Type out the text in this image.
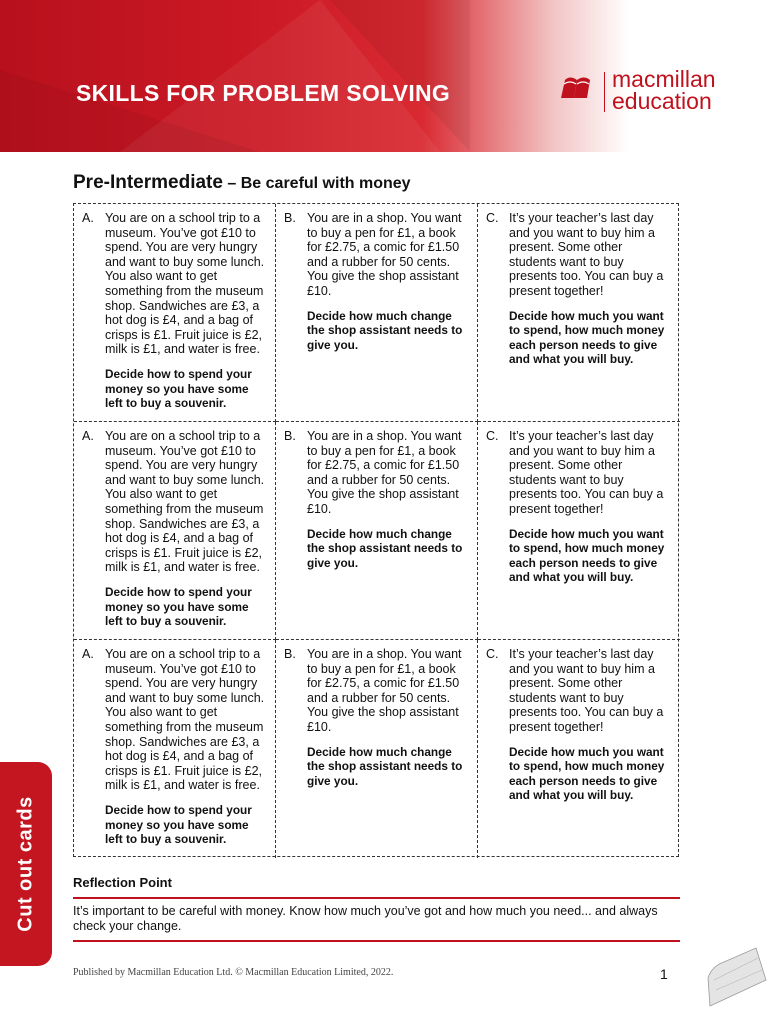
SKILLS FOR PROBLEM SOLVING
macmillan
education
Pre-Intermediate – Be careful with money
A. You are on a school trip to a museum. You’ve got £10 to spend. You are very hungry and want to buy some lunch. You also want to get something from the museum shop. Sandwiches are £3, a hot dog is £4, and a bag of crisps is £1. Fruit juice is £2, milk is £1, and water is free.

Decide how to spend your money so you have some left to buy a souvenir.

B. You are in a shop. You want to buy a pen for £1, a book for £2.75, a comic for £1.50 and a rubber for 50 cents. You give the shop assistant £10.

Decide how much change the shop assistant needs to give you.

C. It’s your teacher’s last day and you want to buy him a present. Some other students want to buy presents too. You can buy a present together!

Decide how much you want to spend, how much money each person needs to give and what you will buy.

A. You are on a school trip to a museum. You’ve got £10 to spend. You are very hungry and want to buy some lunch. You also want to get something from the museum shop. Sandwiches are £3, a hot dog is £4, and a bag of crisps is £1. Fruit juice is £2, milk is £1, and water is free.

Decide how to spend your money so you have some left to buy a souvenir.

B. You are in a shop. You want to buy a pen for £1, a book for £2.75, a comic for £1.50 and a rubber for 50 cents. You give the shop assistant £10.

Decide how much change the shop assistant needs to give you.

C. It’s your teacher’s last day and you want to buy him a present. Some other students want to buy presents too. You can buy a present together!

Decide how much you want to spend, how much money each person needs to give and what you will buy.

A. You are on a school trip to a museum. You’ve got £10 to spend. You are very hungry and want to buy some lunch. You also want to get something from the museum shop. Sandwiches are £3, a hot dog is £4, and a bag of crisps is £1. Fruit juice is £2, milk is £1, and water is free.

Decide how to spend your money so you have some left to buy a souvenir.

B. You are in a shop. You want to buy a pen for £1, a book for £2.75, a comic for £1.50 and a rubber for 50 cents. You give the shop assistant £10.

Decide how much change the shop assistant needs to give you.

C. It’s your teacher’s last day and you want to buy him a present. Some other students want to buy presents too. You can buy a present together!

Decide how much you want to spend, how much money each person needs to give and what you will buy.

Reflection Point

It’s important to be careful with money. Know how much you’ve got and how much you need... and always check your change.

Published by Macmillan Education Ltd. © Macmillan Education Limited, 2022.	1
Cut out cards
